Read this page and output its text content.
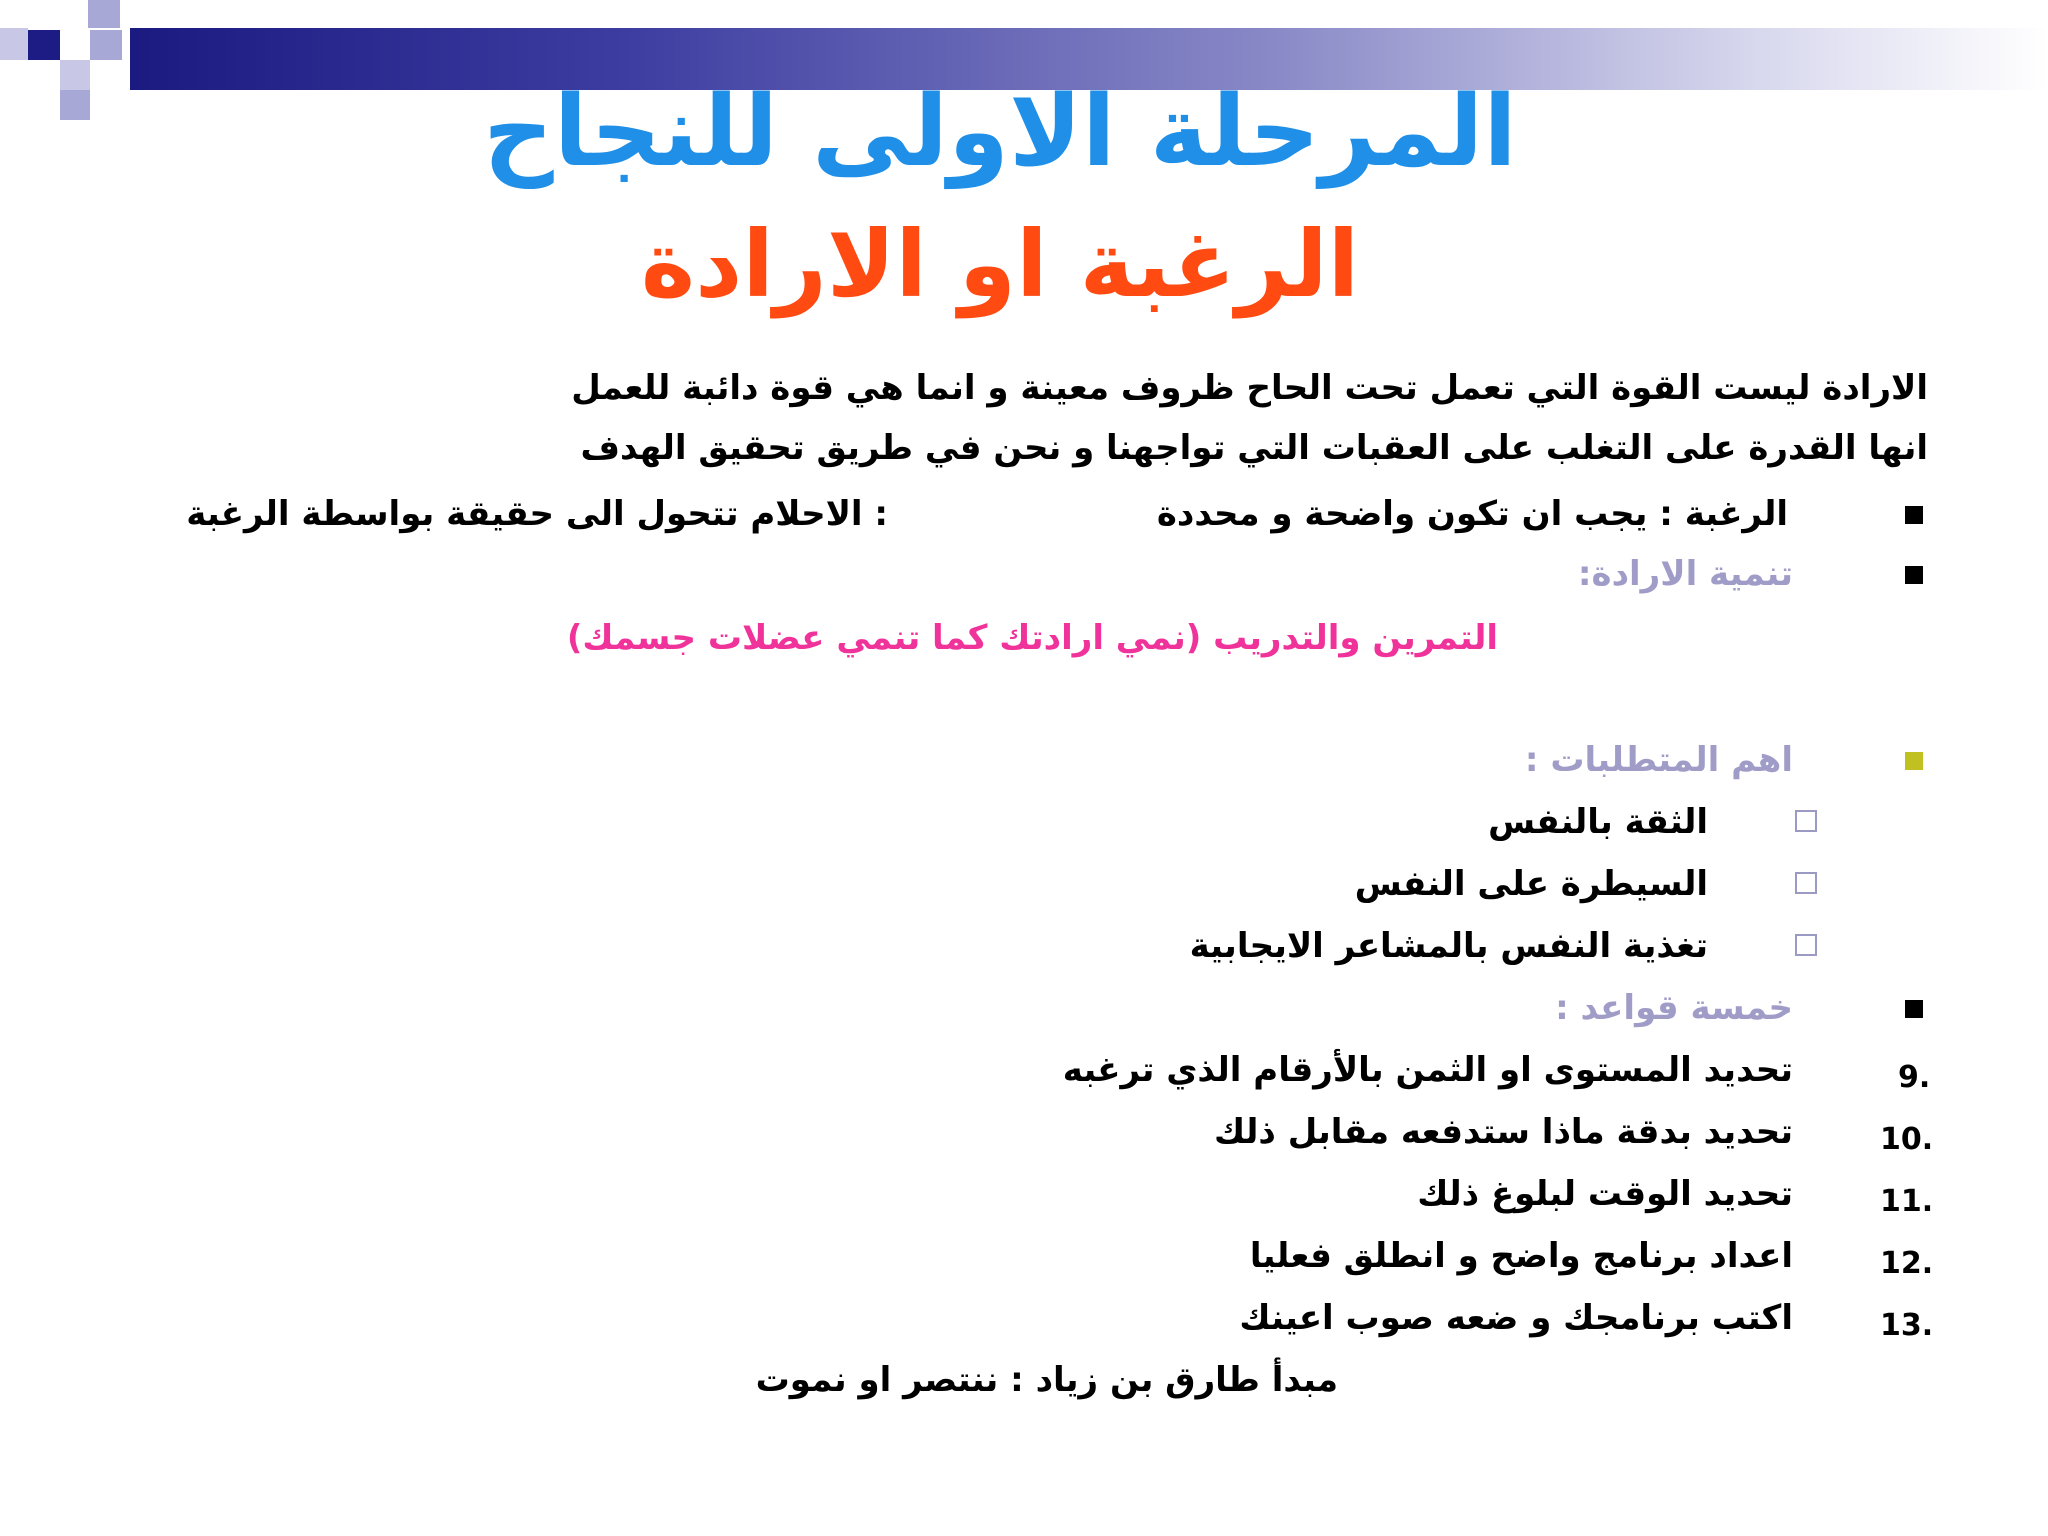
المرحلة الاولى للنجاح
الرغبة او الارادة
الارادة ليست القوة التي تعمل تحت الحاح ظروف معينة و انما هي قوة دائبة للعمل
انها القدرة على التغلب على العقبات التي تواجهنا و نحن في طريق تحقيق الهدف
الرغبة : يجب ان تكون واضحة و محددة
: الاحلام تتحول الى حقيقة بواسطة الرغبة
تنمية الارادة:
التمرين والتدريب (نمي ارادتك كما تنمي عضلات جسمك)
اهم المتطلبات :
الثقة بالنفس
السيطرة على النفس
تغذية النفس بالمشاعر الايجابية
خمسة قواعد :
9.
تحديد المستوى او الثمن بالأرقام الذي ترغبه
10.
تحديد بدقة ماذا ستدفعه مقابل ذلك
11.
تحديد الوقت لبلوغ ذلك
12.
اعداد برنامج واضح و انطلق فعليا
13.
اكتب برنامجك و ضعه صوب اعينك
مبدأ طارق بن زياد : ننتصر او نموت
